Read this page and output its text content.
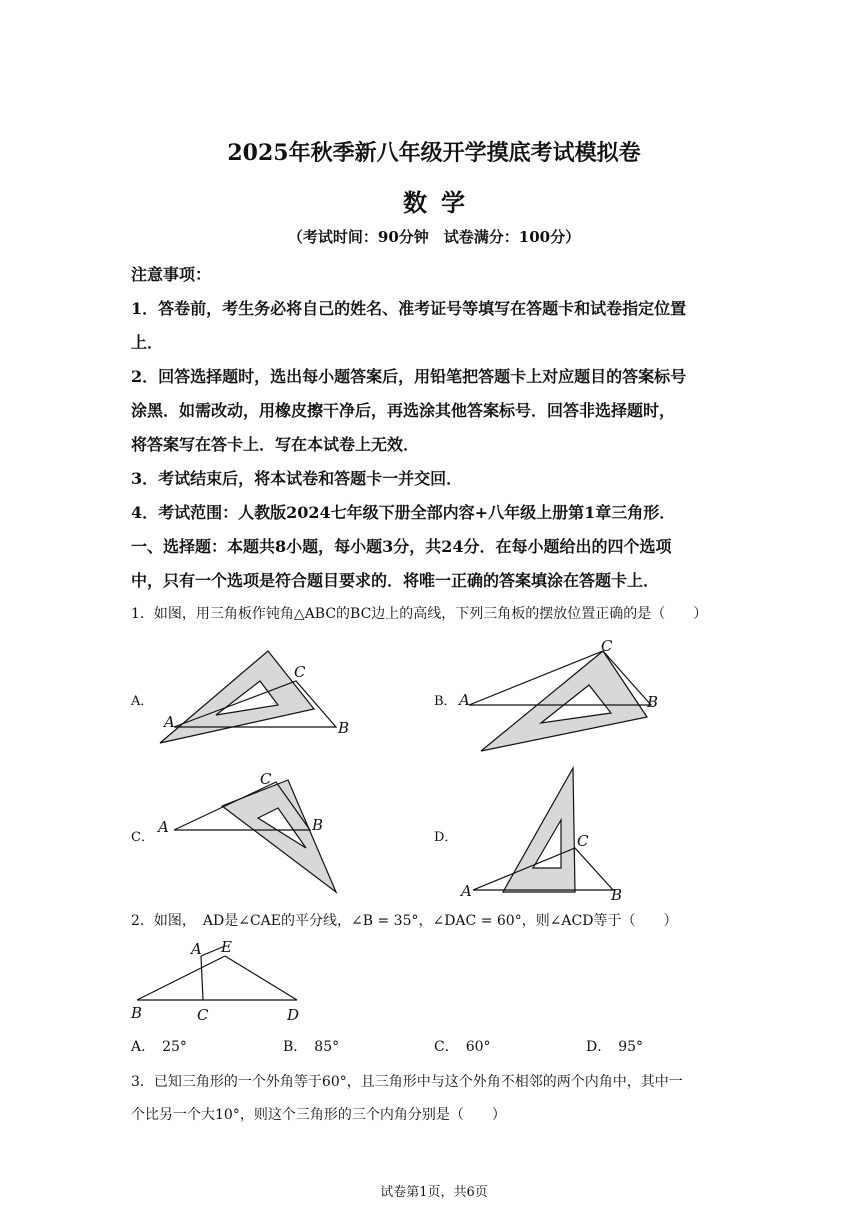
2025年秋季新八年级开学摸底考试模拟卷
数学
（考试时间：90分钟　试卷满分：100分）
注意事项：
1．答卷前，考生务必将自己的姓名、准考证号等填写在答题卡和试卷指定位置
上．
2．回答选择题时，选出每小题答案后，用铅笔把答题卡上对应题目的答案标号
涂黑．如需改动，用橡皮擦干净后，再选涂其他答案标号．回答非选择题时，
将答案写在答卡上．写在本试卷上无效．
3．考试结束后，将本试卷和答题卡一并交回．
4．考试范围：人教版2024七年级下册全部内容+八年级上册第1章三角形．
一、选择题：本题共8小题，每小题3分，共24分．在每小题给出的四个选项
中，只有一个选项是符合题目要求的．将唯一正确的答案填涂在答题卡上．
1．如图，用三角板作钝角△ABC的BC边上的高线，下列三角板的摆放位置正确的是（　　）
A．
A	B
C
B． A	B
C
C．
A	B
C
D．
A	B
C
2．如图，　AD是∠CAE的平分线，∠B = 35°，∠DAC = 60°，则∠ACD等于（　　）
A E
B	C	D
A．　25°	B．　85°	C．　60°	D．　95°
3．已知三角形的一个外角等于60°，且三角形中与这个外角不相邻的两个内角中，其中一
个比另一个大10°，则这个三角形的三个内角分别是（　　）
试卷第1页，共6页
